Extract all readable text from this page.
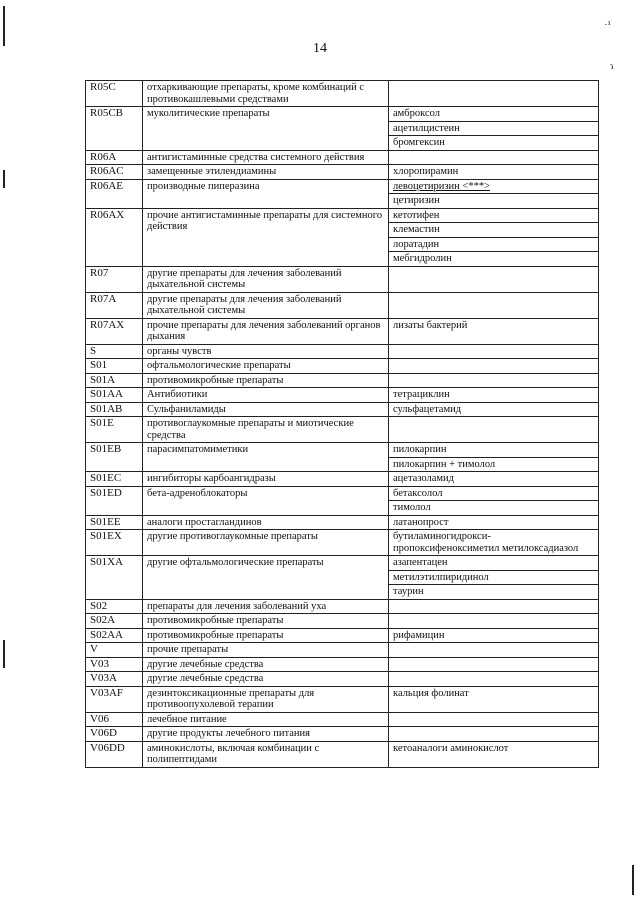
·¹
ɿ
14
R05C	отхаркивающие препараты, кроме комбинаций с противокашлевыми средствами	
R05CB	муколитические препараты	амброксол
		ацетилцистеин
		бромгексин
R06A	антигистаминные средства системного действия	
R06AC	замещенные этилендиамины	хлоропирамин
R06AE	производные пиперазина	левоцетиризин <***>
		цетиризин
R06AX	прочие антигистаминные препараты для системного действия	кетотифен
		клемастин
		лоратадин
		мебгидролин
R07	другие препараты для лечения заболеваний дыхательной системы	
R07A	другие препараты для лечения заболеваний дыхательной системы	
R07AX	прочие препараты для лечения заболеваний органов дыхания	лизаты бактерий
S	органы чувств	
S01	офтальмологические препараты	
S01A	противомикробные препараты	
S01AA	Антибиотики	тетрациклин
S01AB	Сульфаниламиды	сульфацетамид
S01E	противоглаукомные препараты и миотические средства	
S01EB	парасимпатомиметики	пилокарпин
		пилокарпин + тимолол
S01EC	ингибиторы карбоангидразы	ацетазоламид
S01ED	бета-адреноблокаторы	бетаксолол
		тимолол
S01EE	аналоги простагландинов	латанопрост
S01EX	другие противоглаукомные препараты	бутиламиногидрокси-пропоксифеноксиметил метилоксадиазол
S01XA	другие офтальмологические препараты	азапентацен
		метилэтилпиридинол
		таурин
S02	препараты для лечения заболеваний уха	
S02A	противомикробные препараты	
S02AA	противомикробные препараты	рифамицин
V	прочие препараты	
V03	другие лечебные средства	
V03A	другие лечебные средства	
V03AF	дезинтоксикационные препараты для противоопухолевой терапии	кальция фолинат
V06	лечебное питание	
V06D	другие продукты лечебного питания	
V06DD	аминокислоты, включая комбинации с полипептидами	кетоаналоги аминокислот
